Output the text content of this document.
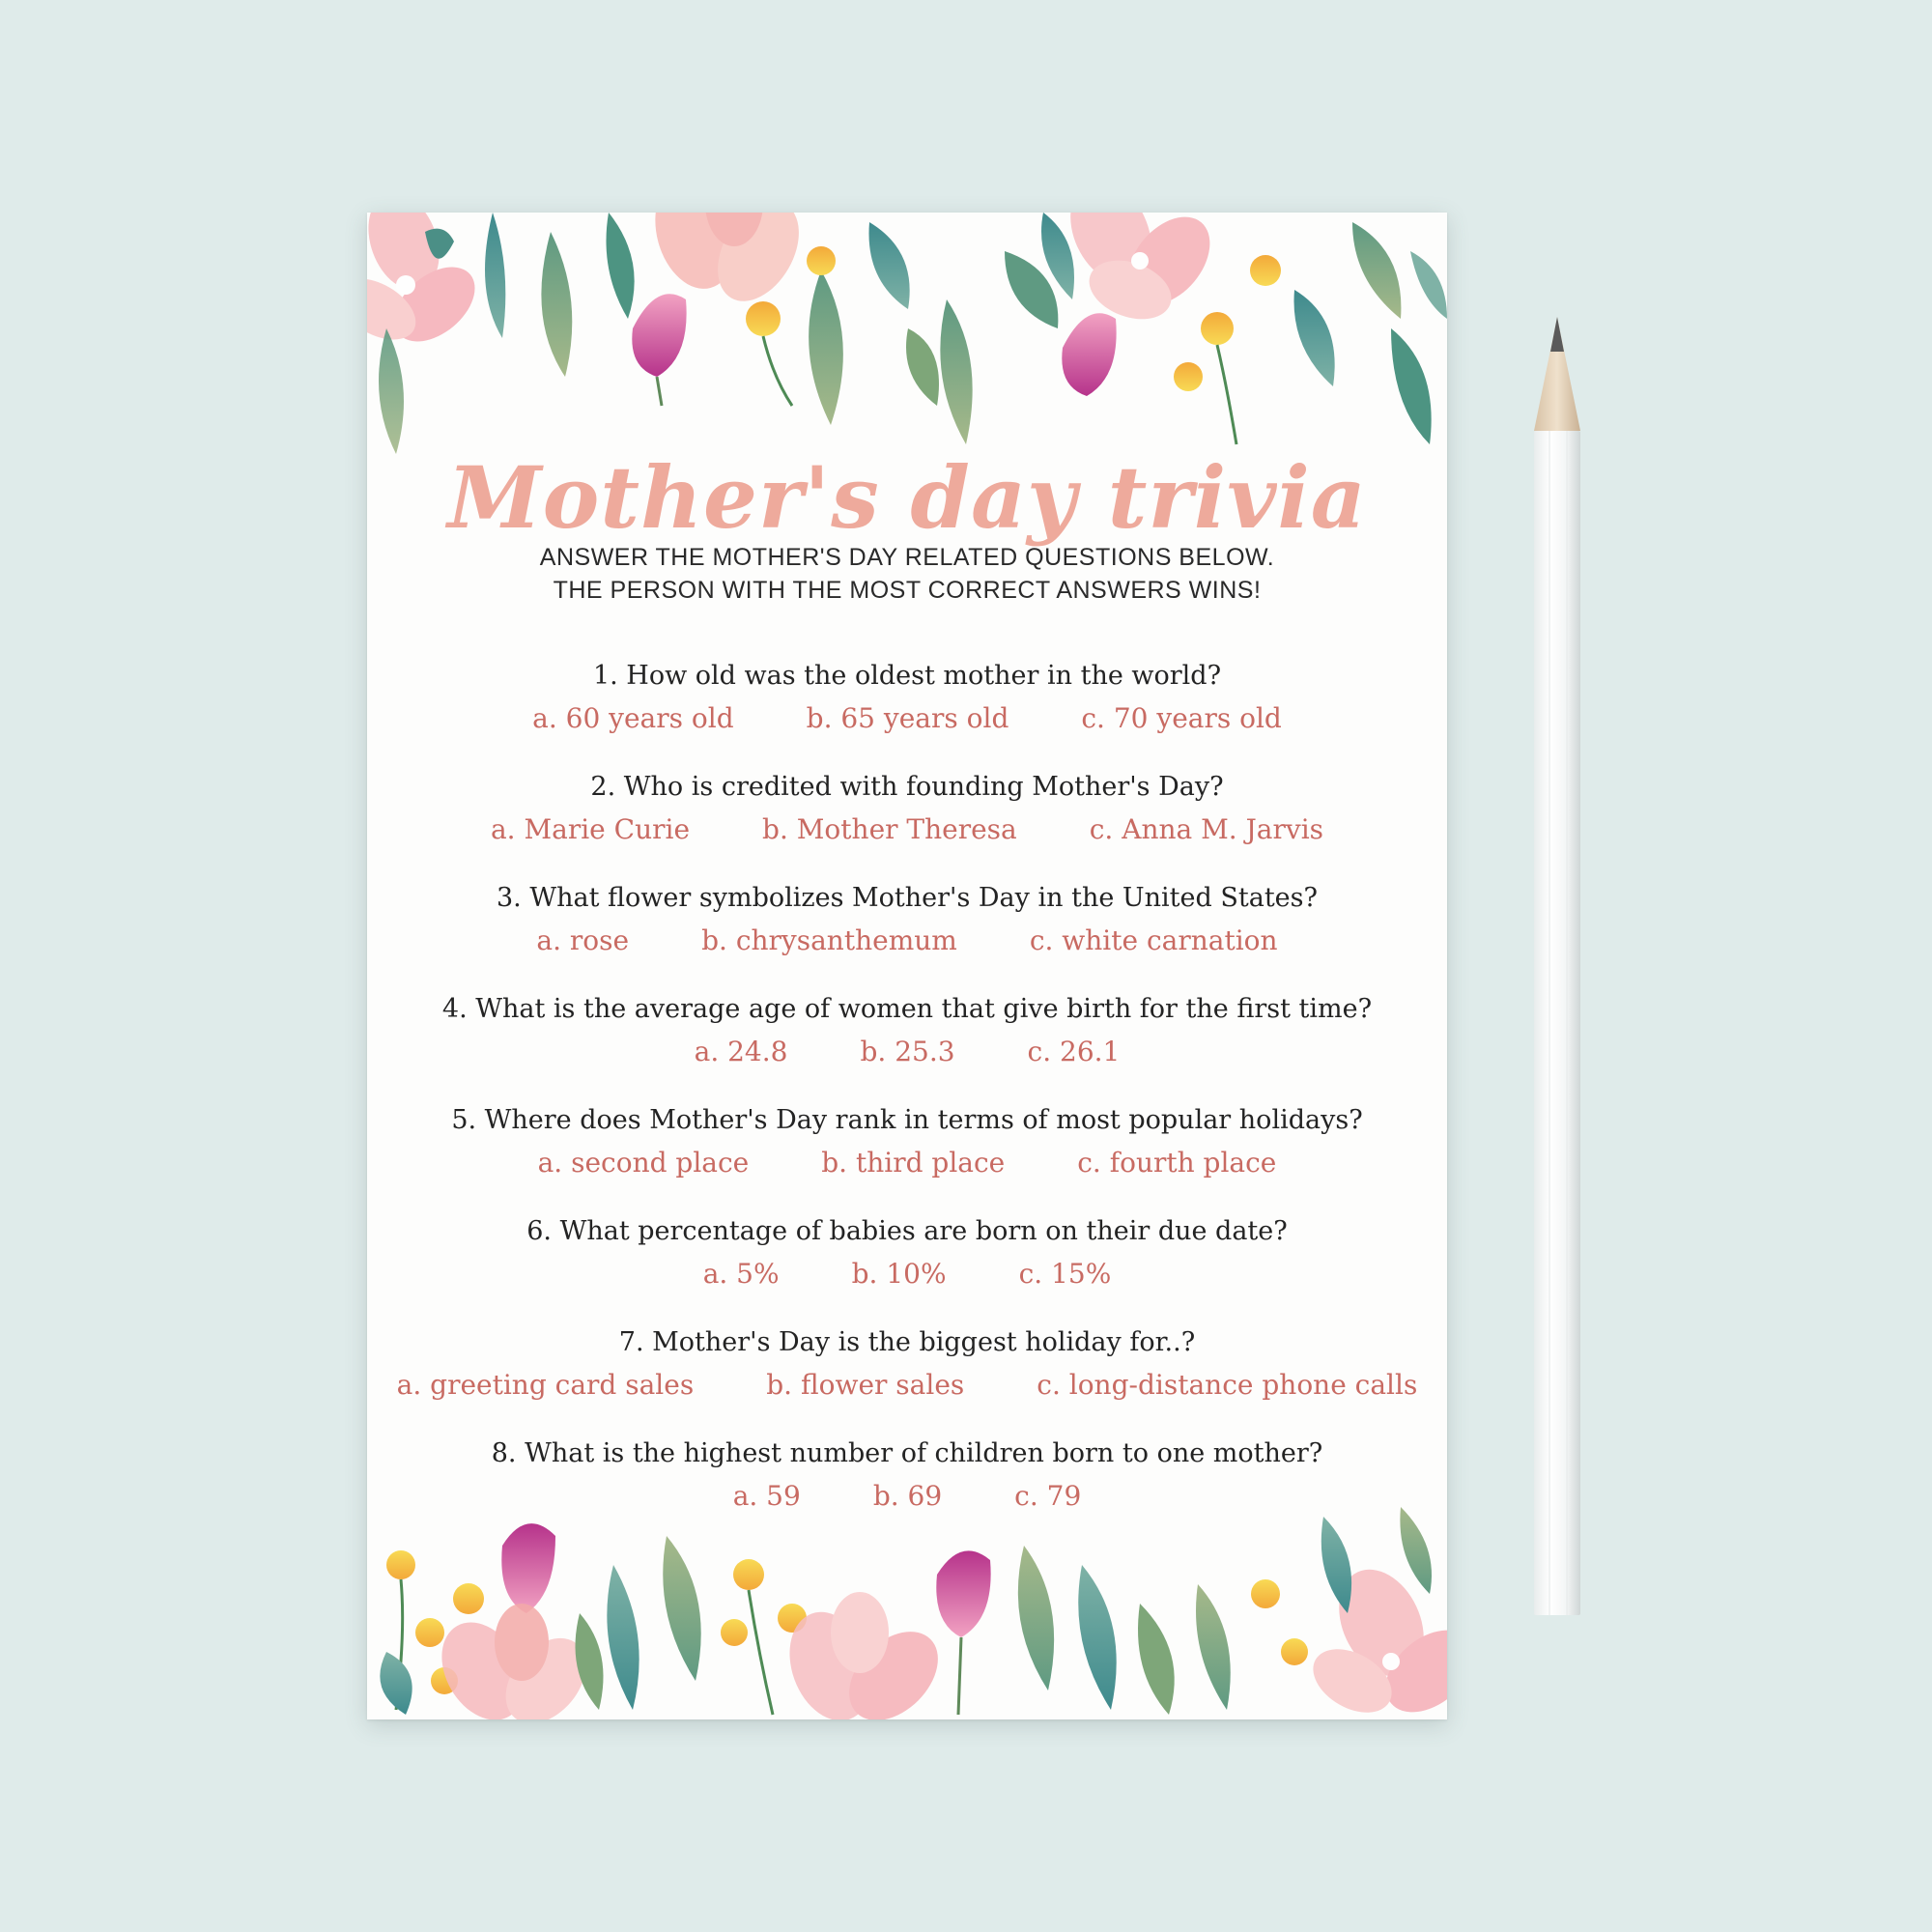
Mother's day trivia
ANSWER THE MOTHER'S DAY RELATED QUESTIONS BELOW.
THE PERSON WITH THE MOST CORRECT ANSWERS WINS!
1. How old was the oldest mother in the world?
a. 60 years old	b. 65 years old	c. 70 years old
2. Who is credited with founding Mother's Day?
a. Marie Curie	b. Mother Theresa	c. Anna M. Jarvis
3. What flower symbolizes Mother's Day in the United States?
a. rose	b. chrysanthemum	c. white carnation
4. What is the average age of women that give birth for the first time?
a. 24.8	b. 25.3	c. 26.1
5. Where does Mother's Day rank in terms of most popular holidays?
a. second place	b. third place	c. fourth place
6. What percentage of babies are born on their due date?
a. 5%	b. 10%	c. 15%
7. Mother's Day is the biggest holiday for..?
a. greeting card sales	b. flower sales	c. long-distance phone calls
8. What is the highest number of children born to one mother?
a. 59	b. 69	c. 79
